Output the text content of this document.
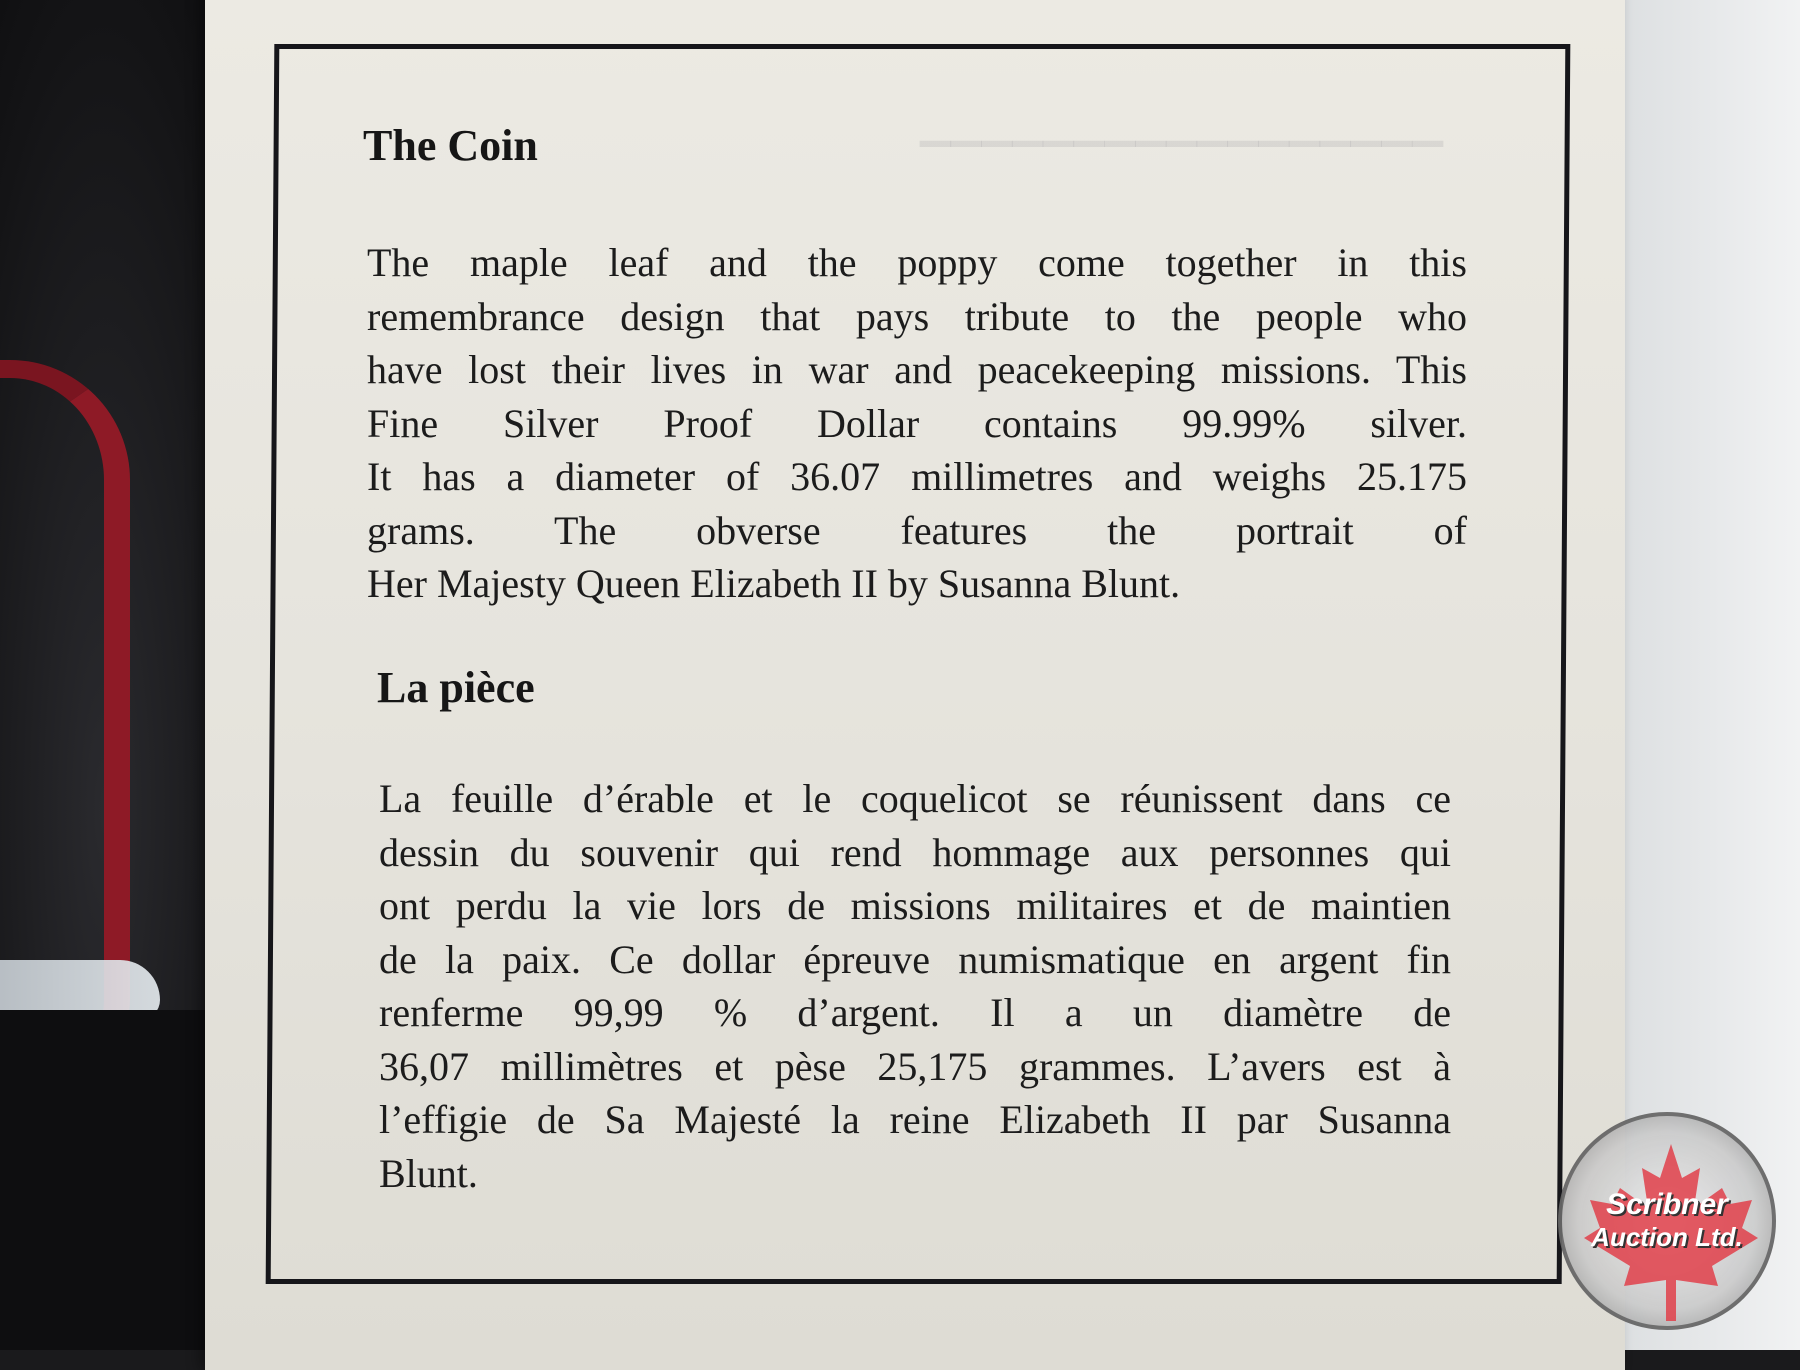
▁▁▁▁▁▁▁▁▁▁▁▁▁▁▁▁▁
The Coin
The maple leaf and the poppy come together in this
remembrance design that pays tribute to the people who
have lost their lives in war and peacekeeping missions. This
Fine Silver Proof Dollar contains 99.99% silver.
It has a diameter of 36.07 millimetres and weighs 25.175
grams. The obverse features the portrait of
Her Majesty Queen Elizabeth II by Susanna Blunt.
La pièce
La feuille d’érable et le coquelicot se réunissent dans ce
dessin du souvenir qui rend hommage aux personnes qui
ont perdu la vie lors de missions militaires et de maintien
de la paix. Ce dollar épreuve numismatique en argent fin
renferme 99,99 % d’argent. Il a un diamètre de
36,07 millimètres et pèse 25,175 grammes. L’avers est à
l’effigie de Sa Majesté la reine Elizabeth II par Susanna
Blunt.
Scribner
Auction Ltd.
